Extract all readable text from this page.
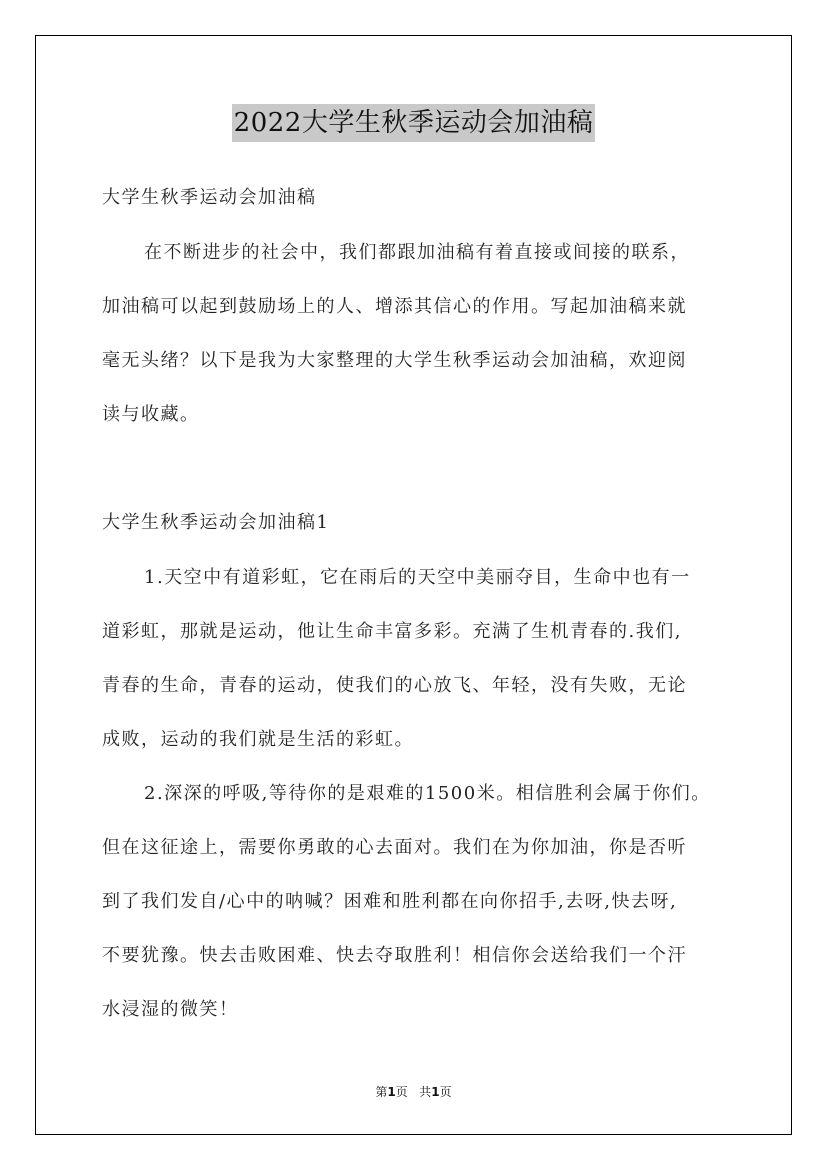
2022大学生秋季运动会加油稿
大学生秋季运动会加油稿
在不断进步的社会中，我们都跟加油稿有着直接或间接的联系，
加油稿可以起到鼓励场上的人、增添其信心的作用。写起加油稿来就
毫无头绪？以下是我为大家整理的大学生秋季运动会加油稿，欢迎阅
读与收藏。
大学生秋季运动会加油稿1
1.天空中有道彩虹，它在雨后的天空中美丽夺目，生命中也有一
道彩虹，那就是运动，他让生命丰富多彩。充满了生机青春的.我们,
青春的生命，青春的运动，使我们的心放飞、年轻，没有失败，无论
成败，运动的我们就是生活的彩虹。
2.深深的呼吸,等待你的是艰难的1500米。相信胜利会属于你们。
但在这征途上，需要你勇敢的心去面对。我们在为你加油，你是否听
到了我们发自/心中的呐喊？困难和胜利都在向你招手,去呀,快去呀,
不要犹豫。快去击败困难、快去夺取胜利！相信你会送给我们一个汗
水浸湿的微笑！
第1页 共1页
